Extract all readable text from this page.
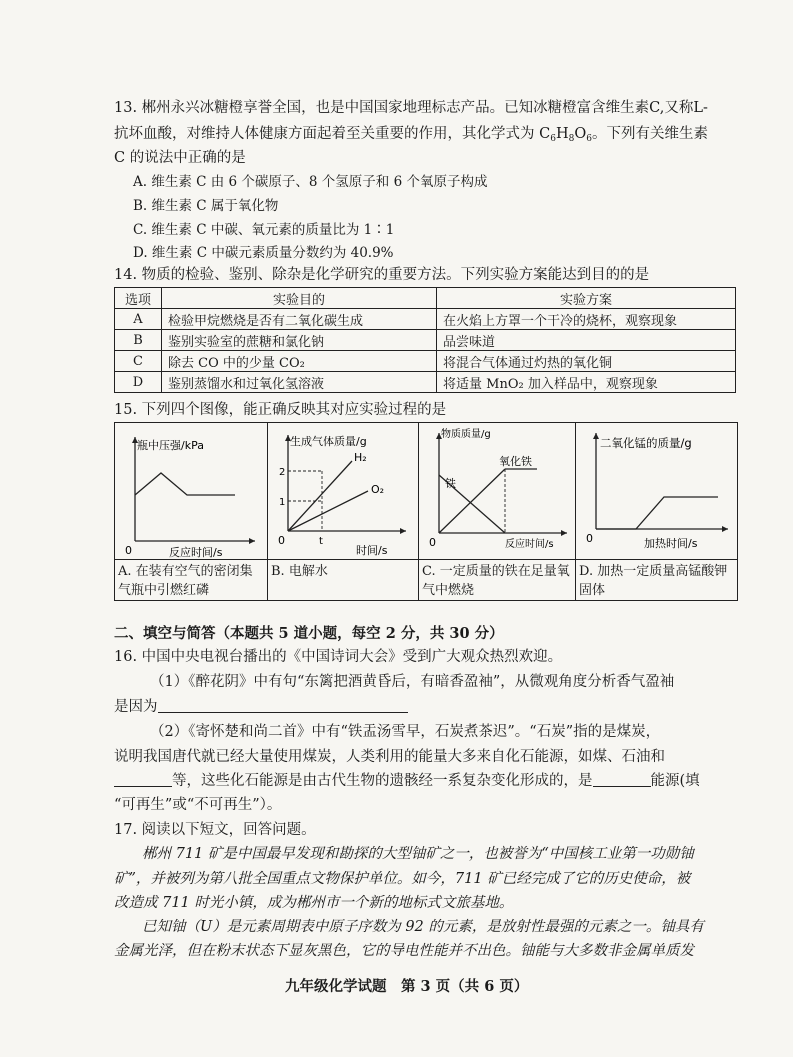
13. 郴州永兴冰糖橙享誉全国，也是中国国家地理标志产品。已知冰糖橙富含维生素C,又称L-
抗坏血酸，对维持人体健康方面起着至关重要的作用，其化学式为 $C_6H_8O_6$。下列有关维生素
C 的说法中正确的是
A. 维生素 C 由 6 个碳原子、8 个氢原子和 6 个氧原子构成
B. 维生素 C 属于氧化物
C. 维生素 C 中碳、氧元素的质量比为 1∶1
D. 维生素 C 中碳元素质量分数约为 40.9%
14. 物质的检验、鉴别、除杂是化学研究的重要方法。下列实验方案能达到目的的是
选项	实验目的	实验方案
A	检验甲烷燃烧是否有二氧化碳生成	在火焰上方罩一个干冷的烧杯，观察现象
B	鉴别实验室的蔗糖和氯化钠	品尝味道
C	除去 CO 中的少量 CO₂	将混合气体通过灼热的氧化铜
D	鉴别蒸馏水和过氧化氢溶液	将适量 MnO₂ 加入样品中，观察现象
15. 下列四个图像，能正确反映其对应实验过程的是
瓶中压强/kPa
反应时间/s
0
A. 在装有空气的密闭集气瓶中引燃红磷
生成气体质量/g
2
1
t
H₂
O₂
0
时间/s
B. 电解水
物质质量/g
铁
氧化铁
0	反应时间/s
C. 一定质量的铁在足量氧气中燃烧
二氧化锰的质量/g
0	加热时间/s
D. 加热一定质量高锰酸钾固体
二、填空与简答（本题共 5 道小题，每空 2 分，共 30 分）
16. 中国中央电视台播出的《中国诗词大会》受到广大观众热烈欢迎。
（1）《醉花阴》中有句“东篱把酒黄昏后，有暗香盈袖”，从微观角度分析香气盈袖
是因为
（2）《寄怀楚和尚二首》中有“铁盂汤雪早，石炭煮茶迟”。“石炭”指的是煤炭，
说明我国唐代就已经大量使用煤炭，人类利用的能量大多来自化石能源，如煤、石油和
等，这些化石能源是由古代生物的遗骸经一系复杂变化形成的，是	能源(填
“可再生”或“不可再生”）。
17. 阅读以下短文，回答问题。
郴州 711 矿是中国最早发现和勘探的大型铀矿之一，也被誉为“中国核工业第一功勋铀
矿”，并被列为第八批全国重点文物保护单位。如今，711 矿已经完成了它的历史使命，被
改造成 711 时光小镇，成为郴州市一个新的地标式文旅基地。
已知铀（U）是元素周期表中原子序数为 92 的元素，是放射性最强的元素之一。铀具有
金属光泽，但在粉末状态下显灰黑色，它的导电性能并不出色。铀能与大多数非金属单质发
九年级化学试题　第 3 页（共 6 页）
